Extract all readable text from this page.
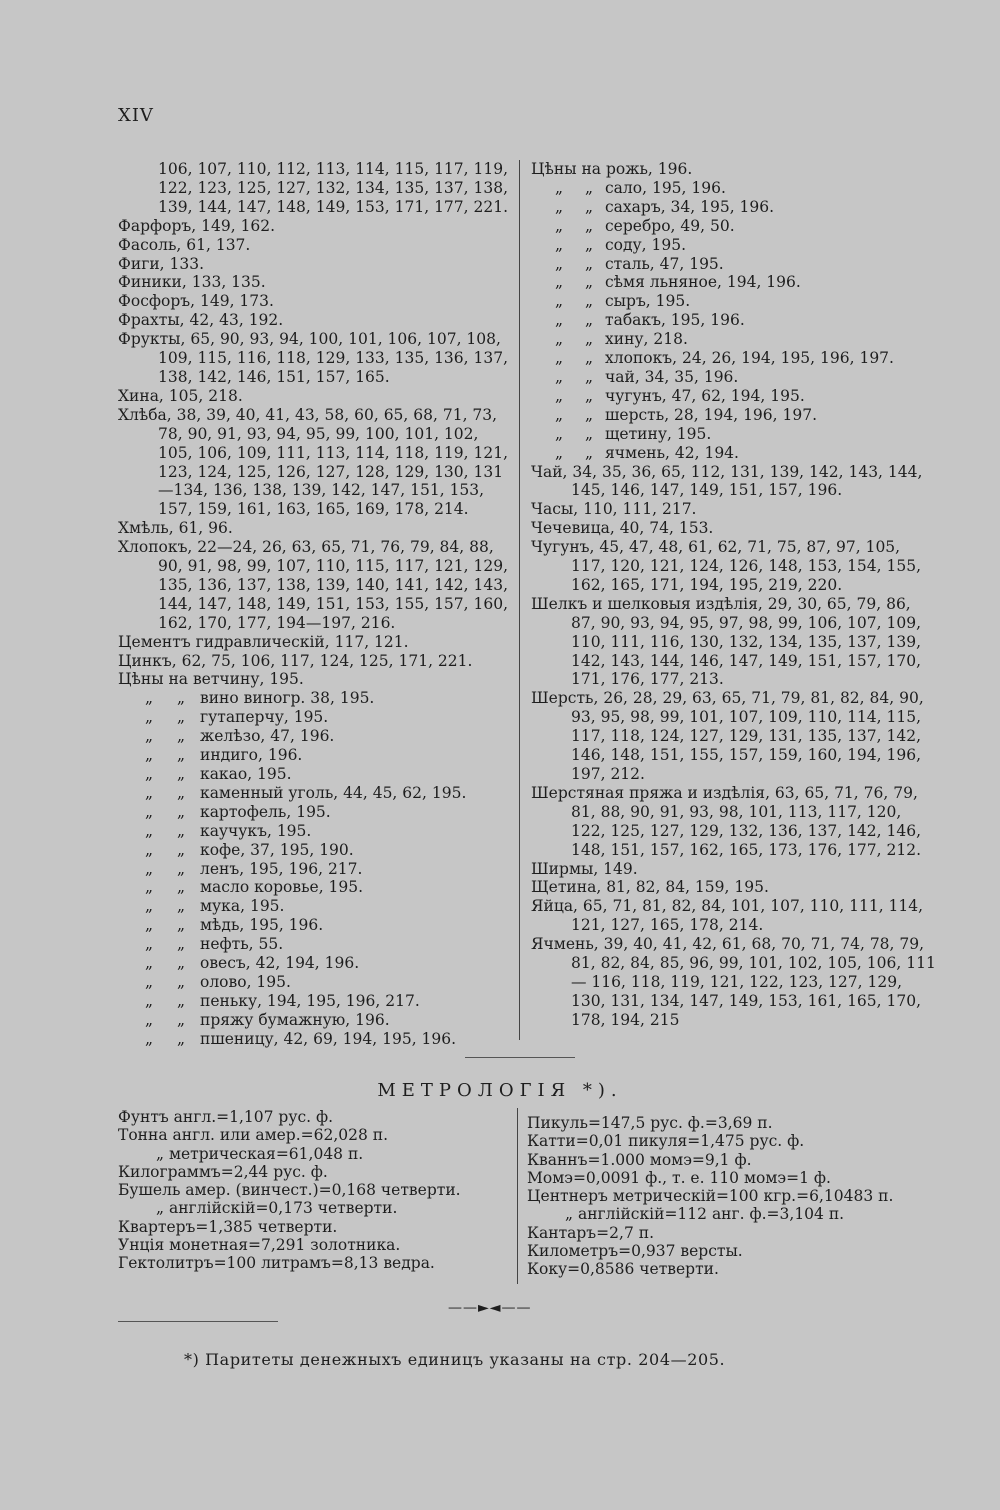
XIV
106, 107, 110, 112, 113, 114, 115, 117, 119, 122, 123, 125, 127, 132, 134, 135, 137, 138, 139, 144, 147, 148, 149, 153, 171, 177, 221.
Фарфоръ, 149, 162.
Фасоль, 61, 137.
Фиги, 133.
Финики, 133, 135.
Фосфоръ, 149, 173.
Фрахты, 42, 43, 192.
Фрукты, 65, 90, 93, 94, 100, 101, 106, 107, 108, 109, 115, 116, 118, 129, 133, 135, 136, 137, 138, 142, 146, 151, 157, 165.
Хина, 105, 218.
Хлѣба, 38, 39, 40, 41, 43, 58, 60, 65, 68, 71, 73, 78, 90, 91, 93, 94, 95, 99, 100, 101, 102, 105, 106, 109, 111, 113, 114, 118, 119, 121, 123, 124, 125, 126, 127, 128, 129, 130, 131—134, 136, 138, 139, 142, 147, 151, 153, 157, 159, 161, 163, 165, 169, 178, 214.
Хмѣль, 61, 96.
Хлопокъ, 22—24, 26, 63, 65, 71, 76, 79, 84, 88, 90, 91, 98, 99, 107, 110, 115, 117, 121, 129, 135, 136, 137, 138, 139, 140, 141, 142, 143, 144, 147, 148, 149, 151, 153, 155, 157, 160, 162, 170, 177, 194—197, 216.
Цементъ гидравлическій, 117, 121.
Цинкъ, 62, 75, 106, 117, 124, 125, 171, 221.
Цѣны на ветчину, 195.
„ „ вино виногр. 38, 195.
„ „ гутаперчу, 195.
„ „ желѣзо, 47, 196.
„ „ индиго, 196.
„ „ какао, 195.
„ „ каменный уголь, 44, 45, 62, 195.
„ „ картофель, 195.
„ „ каучукъ, 195.
„ „ кофе, 37, 195, 190.
„ „ ленъ, 195, 196, 217.
„ „ масло коровье, 195.
„ „ мука, 195.
„ „ мѣдь, 195, 196.
„ „ нефть, 55.
„ „ овесъ, 42, 194, 196.
„ „ олово, 195.
„ „ пеньку, 194, 195, 196, 217.
„ „ пряжу бумажную, 196.
„ „ пшеницу, 42, 69, 194, 195, 196.
Цѣны на рожь, 196.
„ „ сало, 195, 196.
„ „ сахаръ, 34, 195, 196.
„ „ серебро, 49, 50.
„ „ соду, 195.
„ „ сталь, 47, 195.
„ „ сѣмя льняное, 194, 196.
„ „ сыръ, 195.
„ „ табакъ, 195, 196.
„ „ хину, 218.
„ „ хлопокъ, 24, 26, 194, 195, 196, 197.
„ „ чай, 34, 35, 196.
„ „ чугунъ, 47, 62, 194, 195.
„ „ шерсть, 28, 194, 196, 197.
„ „ щетину, 195.
„ „ ячмень, 42, 194.
Чай, 34, 35, 36, 65, 112, 131, 139, 142, 143, 144, 145, 146, 147, 149, 151, 157, 196.
Часы, 110, 111, 217.
Чечевица, 40, 74, 153.
Чугунъ, 45, 47, 48, 61, 62, 71, 75, 87, 97, 105, 117, 120, 121, 124, 126, 148, 153, 154, 155, 162, 165, 171, 194, 195, 219, 220.
Шелкъ и шелковыя издѣлія, 29, 30, 65, 79, 86, 87, 90, 93, 94, 95, 97, 98, 99, 106, 107, 109, 110, 111, 116, 130, 132, 134, 135, 137, 139, 142, 143, 144, 146, 147, 149, 151, 157, 170, 171, 176, 177, 213.
Шерсть, 26, 28, 29, 63, 65, 71, 79, 81, 82, 84, 90, 93, 95, 98, 99, 101, 107, 109, 110, 114, 115, 117, 118, 124, 127, 129, 131, 135, 137, 142, 146, 148, 151, 155, 157, 159, 160, 194, 196, 197, 212.
Шерстяная пряжа и издѣлія, 63, 65, 71, 76, 79, 81, 88, 90, 91, 93, 98, 101, 113, 117, 120, 122, 125, 127, 129, 132, 136, 137, 142, 146, 148, 151, 157, 162, 165, 173, 176, 177, 212.
Ширмы, 149.
Щетина, 81, 82, 84, 159, 195.
Яйца, 65, 71, 81, 82, 84, 101, 107, 110, 111, 114, 121, 127, 165, 178, 214.
Ячмень, 39, 40, 41, 42, 61, 68, 70, 71, 74, 78, 79, 81, 82, 84, 85, 96, 99, 101, 102, 105, 106, 111 — 116, 118, 119, 121, 122, 123, 127, 129, 130, 131, 134, 147, 149, 153, 161, 165, 170, 178, 194, 215
МЕТРОЛОГІЯ *).
Фунтъ англ.=1,107 рус. ф.
Тонна англ. или амер.=62,028 п.
„ метрическая=61,048 п.
Килограммъ=2,44 рус. ф.
Бушель амер. (винчест.)=0,168 четверти.
„ англійскій=0,173 четверти.
Квартеръ=1,385 четверти.
Унція монетная=7,291 золотника.
Гектолитръ=100 литрамъ=8,13 ведра.
Пикуль=147,5 рус. ф.=3,69 п.
Катти=0,01 пикуля=1,475 рус. ф.
Кваннъ=1.000 момэ=9,1 ф.
Момэ=0,0091 ф., т. е. 110 момэ=1 ф.
Центнеръ метрическій=100 кгр.=6,10483 п.
„ англійскій=112 анг. ф.=3,104 п.
Кантаръ=2,7 п.
Километръ=0,937 версты.
Коку=0,8586 четверти.
——►◄——
*) Паритеты денежныхъ единицъ указаны на стр. 204—205.
